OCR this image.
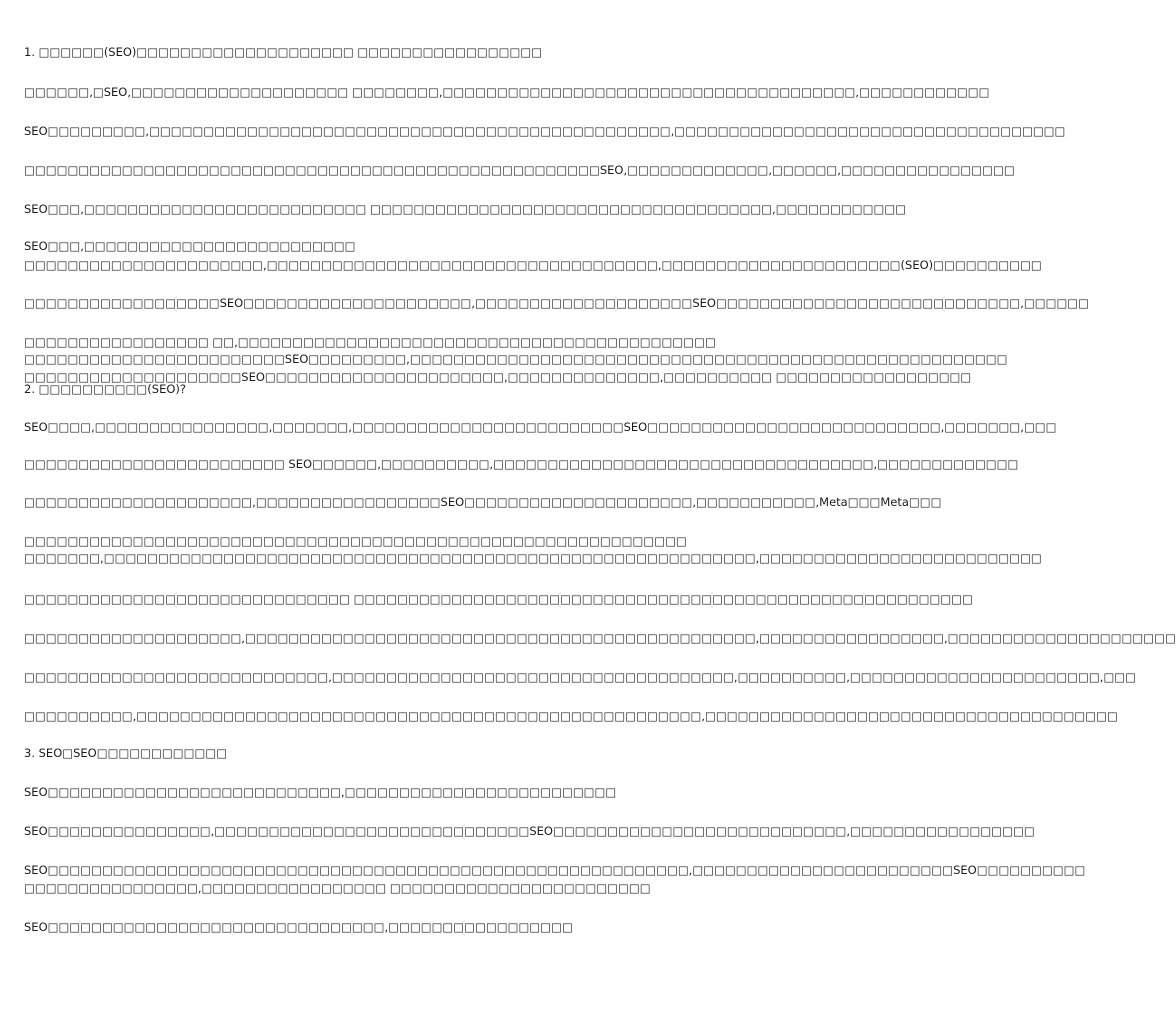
1. □□□□□□(SEO)□□□□□□□□□□□□□□□□□□□□ □□□□□□□□□□□□□□□□□
□□□□□□,□SEO,□□□□□□□□□□□□□□□□□□□□ □□□□□□□□,□□□□□□□□□□□□□□□□□□□□□□□□□□□□□□□□□□□□□□,□□□□□□□□□□□□
SEO□□□□□□□□□,□□□□□□□□□□□□□□□□□□□□□□□□□□□□□□□□□□□□□□□□□□□□□□□□,□□□□□□□□□□□□□□□□□□□□□□□□□□□□□□□□□□□□
□□□□□□□□□□□□□□□□□□□□□□□□□□□□□□□□□□□□□□□□□□□□□□□□□□□□□SEO,□□□□□□□□□□□□□,□□□□□□,□□□□□□□□□□□□□□□□
SEO□□□,□□□□□□□□□□□□□□□□□□□□□□□□□□ □□□□□□□□□□□□□□□□□□□□□□□□□□□□□□□□□□□□□,□□□□□□□□□□□□
SEO□□□,□□□□□□□□□□□□□□□□□□□□□□□□□
□□□□□□□□□□□□□□□□□□□□□□,□□□□□□□□□□□□□□□□□□□□□□□□□□□□□□□□□□□□,□□□□□□□□□□□□□□□□□□□□□□(SEO)□□□□□□□□□□
□□□□□□□□□□□□□□□□□□SEO□□□□□□□□□□□□□□□□□□□□□,□□□□□□□□□□□□□□□□□□□□SEO□□□□□□□□□□□□□□□□□□□□□□□□□□□□,□□□□□□
□□□□□□□□□□□□□□□□□ □□,□□□□□□□□□□□□□□□□□□□□□□□□□□□□□□□□□□□□□□□□□□□□
□□□□□□□□□□□□□□□□□□□□□□□□SEO□□□□□□□□□,□□□□□□□□□□□□□□□□□□□□□□□□□□□□□□□□□□□□□□□□□□□□□□□□□□□□□□□
□□□□□□□□□□□□□□□□□□□□SEO□□□□□□□□□□□□□□□□□□□□□□,□□□□□□□□□□□□□□,□□□□□□□□□□ □□□□□□□□□□□□□□□□□□
2. □□□□□□□□□□(SEO)?
SEO□□□□,□□□□□□□□□□□□□□□□,□□□□□□□,□□□□□□□□□□□□□□□□□□□□□□□□□SEO□□□□□□□□□□□□□□□□□□□□□□□□□□□,□□□□□□□,□□□
□□□□□□□□□□□□□□□□□□□□□□□□ SEO□□□□□□,□□□□□□□□□□,□□□□□□□□□□□□□□□□□□□□□□□□□□□□□□□□□□□,□□□□□□□□□□□□□
□□□□□□□□□□□□□□□□□□□□□,□□□□□□□□□□□□□□□□□SEO□□□□□□□□□□□□□□□□□□□□□,□□□□□□□□□□□,Meta□□□Meta□□□
□□□□□□□□□□□□□□□□□□□□□□□□□□□□□□□□□□□□□□□□□□□□□□□□□□□□□□□□□□□□□
□□□□□□□,□□□□□□□□□□□□□□□□□□□□□□□□□□□□□□□□□□□□□□□□□□□□□□□□□□□□□□□□□□□□,□□□□□□□□□□□□□□□□□□□□□□□□□□
□□□□□□□□□□□□□□□□□□□□□□□□□□□□□□ □□□□□□□□□□□□□□□□□□□□□□□□□□□□□□□□□□□□□□□□□□□□□□□□□□□□□□□□□
□□□□□□□□□□□□□□□□□□□□,□□□□□□□□□□□□□□□□□□□□□□□□□□□□□□□□□□□□□□□□□□□□□□□,□□□□□□□□□□□□□□□□□,□□□□□□□□□□□□□□□□□□□□□
□□□□□□□□□□□□□□□□□□□□□□□□□□□□,□□□□□□□□□□□□□□□□□□□□□□□□□□□□□□□□□□□□□,□□□□□□□□□□,□□□□□□□□□□□□□□□□□□□□□□□,□□□
□□□□□□□□□□,□□□□□□□□□□□□□□□□□□□□□□□□□□□□□□□□□□□□□□□□□□□□□□□□□□□□,□□□□□□□□□□□□□□□□□□□□□□□□□□□□□□□□□□□□□□
3. SEO□SEO□□□□□□□□□□□□
SEO□□□□□□□□□□□□□□□□□□□□□□□□□□□,□□□□□□□□□□□□□□□□□□□□□□□□□
SEO□□□□□□□□□□□□□□□,□□□□□□□□□□□□□□□□□□□□□□□□□□□□□SEO□□□□□□□□□□□□□□□□□□□□□□□□□□□,□□□□□□□□□□□□□□□□□
SEO□□□□□□□□□□□□□□□□□□□□□□□□□□□□□□□□□□□□□□□□□□□□□□□□□□□□□□□□□□□,□□□□□□□□□□□□□□□□□□□□□□□□SEO□□□□□□□□□□
□□□□□□□□□□□□□□□□,□□□□□□□□□□□□□□□□□ □□□□□□□□□□□□□□□□□□□□□□□□
SEO□□□□□□□□□□□□□□□□□□□□□□□□□□□□□□□,□□□□□□□□□□□□□□□□□
